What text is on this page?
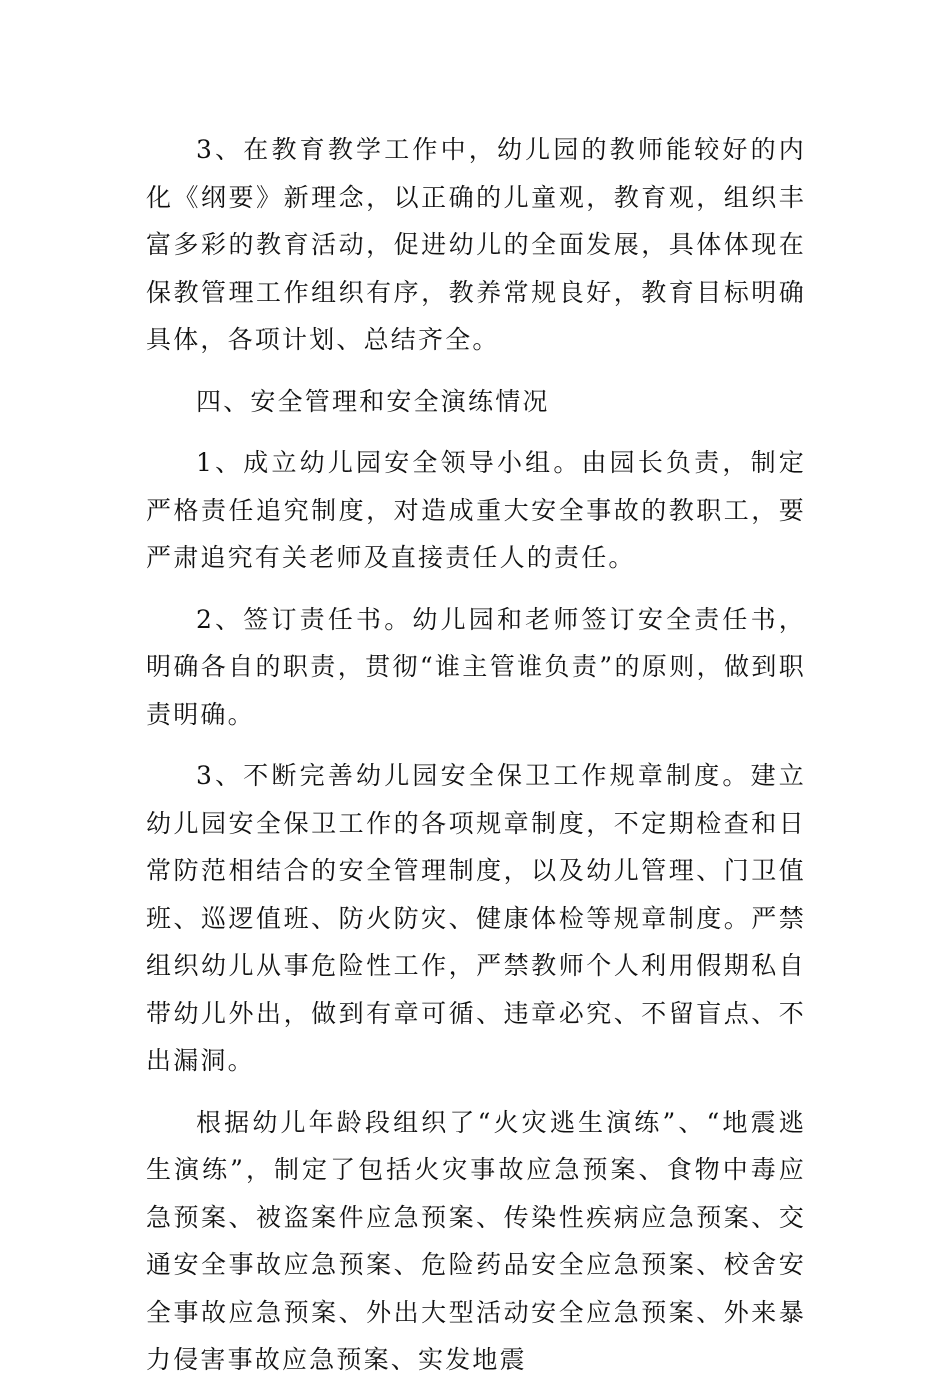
3、在教育教学工作中，幼儿园的教师能较好的内化《纲要》新理念，以正确的儿童观，教育观，组织丰富多彩的教育活动，促进幼儿的全面发展，具体体现在保教管理工作组织有序，教养常规良好，教育目标明确具体，各项计划、总结齐全。

四、安全管理和安全演练情况

1、成立幼儿园安全领导小组。由园长负责，制定严格责任追究制度，对造成重大安全事故的教职工，要严肃追究有关老师及直接责任人的责任。

2、签订责任书。幼儿园和老师签订安全责任书，明确各自的职责，贯彻“谁主管谁负责”的原则，做到职责明确。

3、不断完善幼儿园安全保卫工作规章制度。建立幼儿园安全保卫工作的各项规章制度，不定期检查和日常防范相结合的安全管理制度，以及幼儿管理、门卫值班、巡逻值班、防火防灾、健康体检等规章制度。严禁组织幼儿从事危险性工作，严禁教师个人利用假期私自带幼儿外出，做到有章可循、违章必究、不留盲点、不出漏洞。

根据幼儿年龄段组织了“火灾逃生演练”、“地震逃生演练”，制定了包括火灾事故应急预案、食物中毒应急预案、被盗案件应急预案、传染性疾病应急预案、交通安全事故应急预案、危险药品安全应急预案、校舍安全事故应急预案、外出大型活动安全应急预案、外来暴力侵害事故应急预案、实发地震
